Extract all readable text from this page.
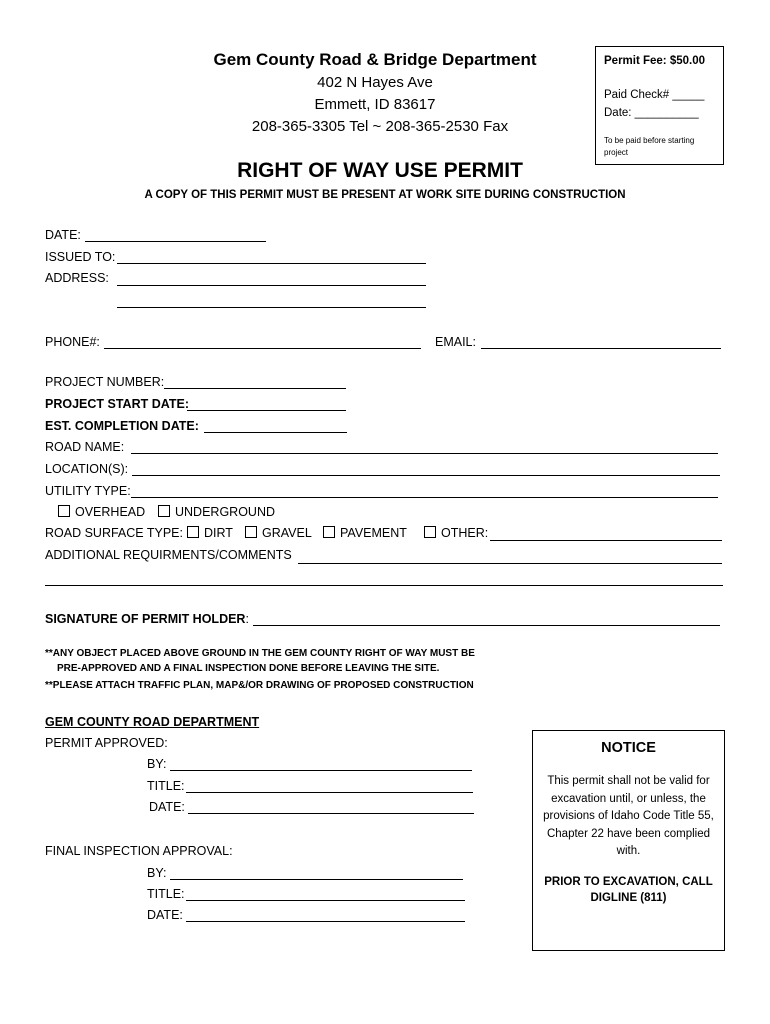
Gem County Road & Bridge Department
402 N Hayes Ave
Emmett, ID 83617
208-365-3305 Tel ~ 208-365-2530 Fax
Permit Fee: $50.00
Paid Check# _____
Date: __________
To be paid before starting project
RIGHT OF WAY USE PERMIT
A COPY OF THIS PERMIT MUST BE PRESENT AT WORK SITE DURING CONSTRUCTION
DATE:
ISSUED TO:
ADDRESS:
PHONE#:	EMAIL:
PROJECT NUMBER:
PROJECT START DATE:
EST. COMPLETION DATE:
ROAD NAME:
LOCATION(S):
UTILITY TYPE:
OVERHEAD	UNDERGROUND
ROAD SURFACE TYPE:	DIRT	GRAVEL	PAVEMENT	OTHER:
ADDITIONAL REQUIRMENTS/COMMENTS
SIGNATURE OF PERMIT HOLDER:
**ANY OBJECT PLACED ABOVE GROUND IN THE GEM COUNTY RIGHT OF WAY MUST BE
PRE-APPROVED AND A FINAL INSPECTION DONE BEFORE LEAVING THE SITE.
**PLEASE ATTACH TRAFFIC PLAN, MAP&/OR DRAWING OF PROPOSED CONSTRUCTION
GEM COUNTY ROAD DEPARTMENT
PERMIT APPROVED:
BY:
TITLE:
DATE:
FINAL INSPECTION APPROVAL:
BY:
TITLE:
DATE:
NOTICE
This permit shall not be valid for excavation until, or unless, the provisions of Idaho Code Title 55, Chapter 22 have been complied with.
PRIOR TO EXCAVATION, CALL DIGLINE (811)
